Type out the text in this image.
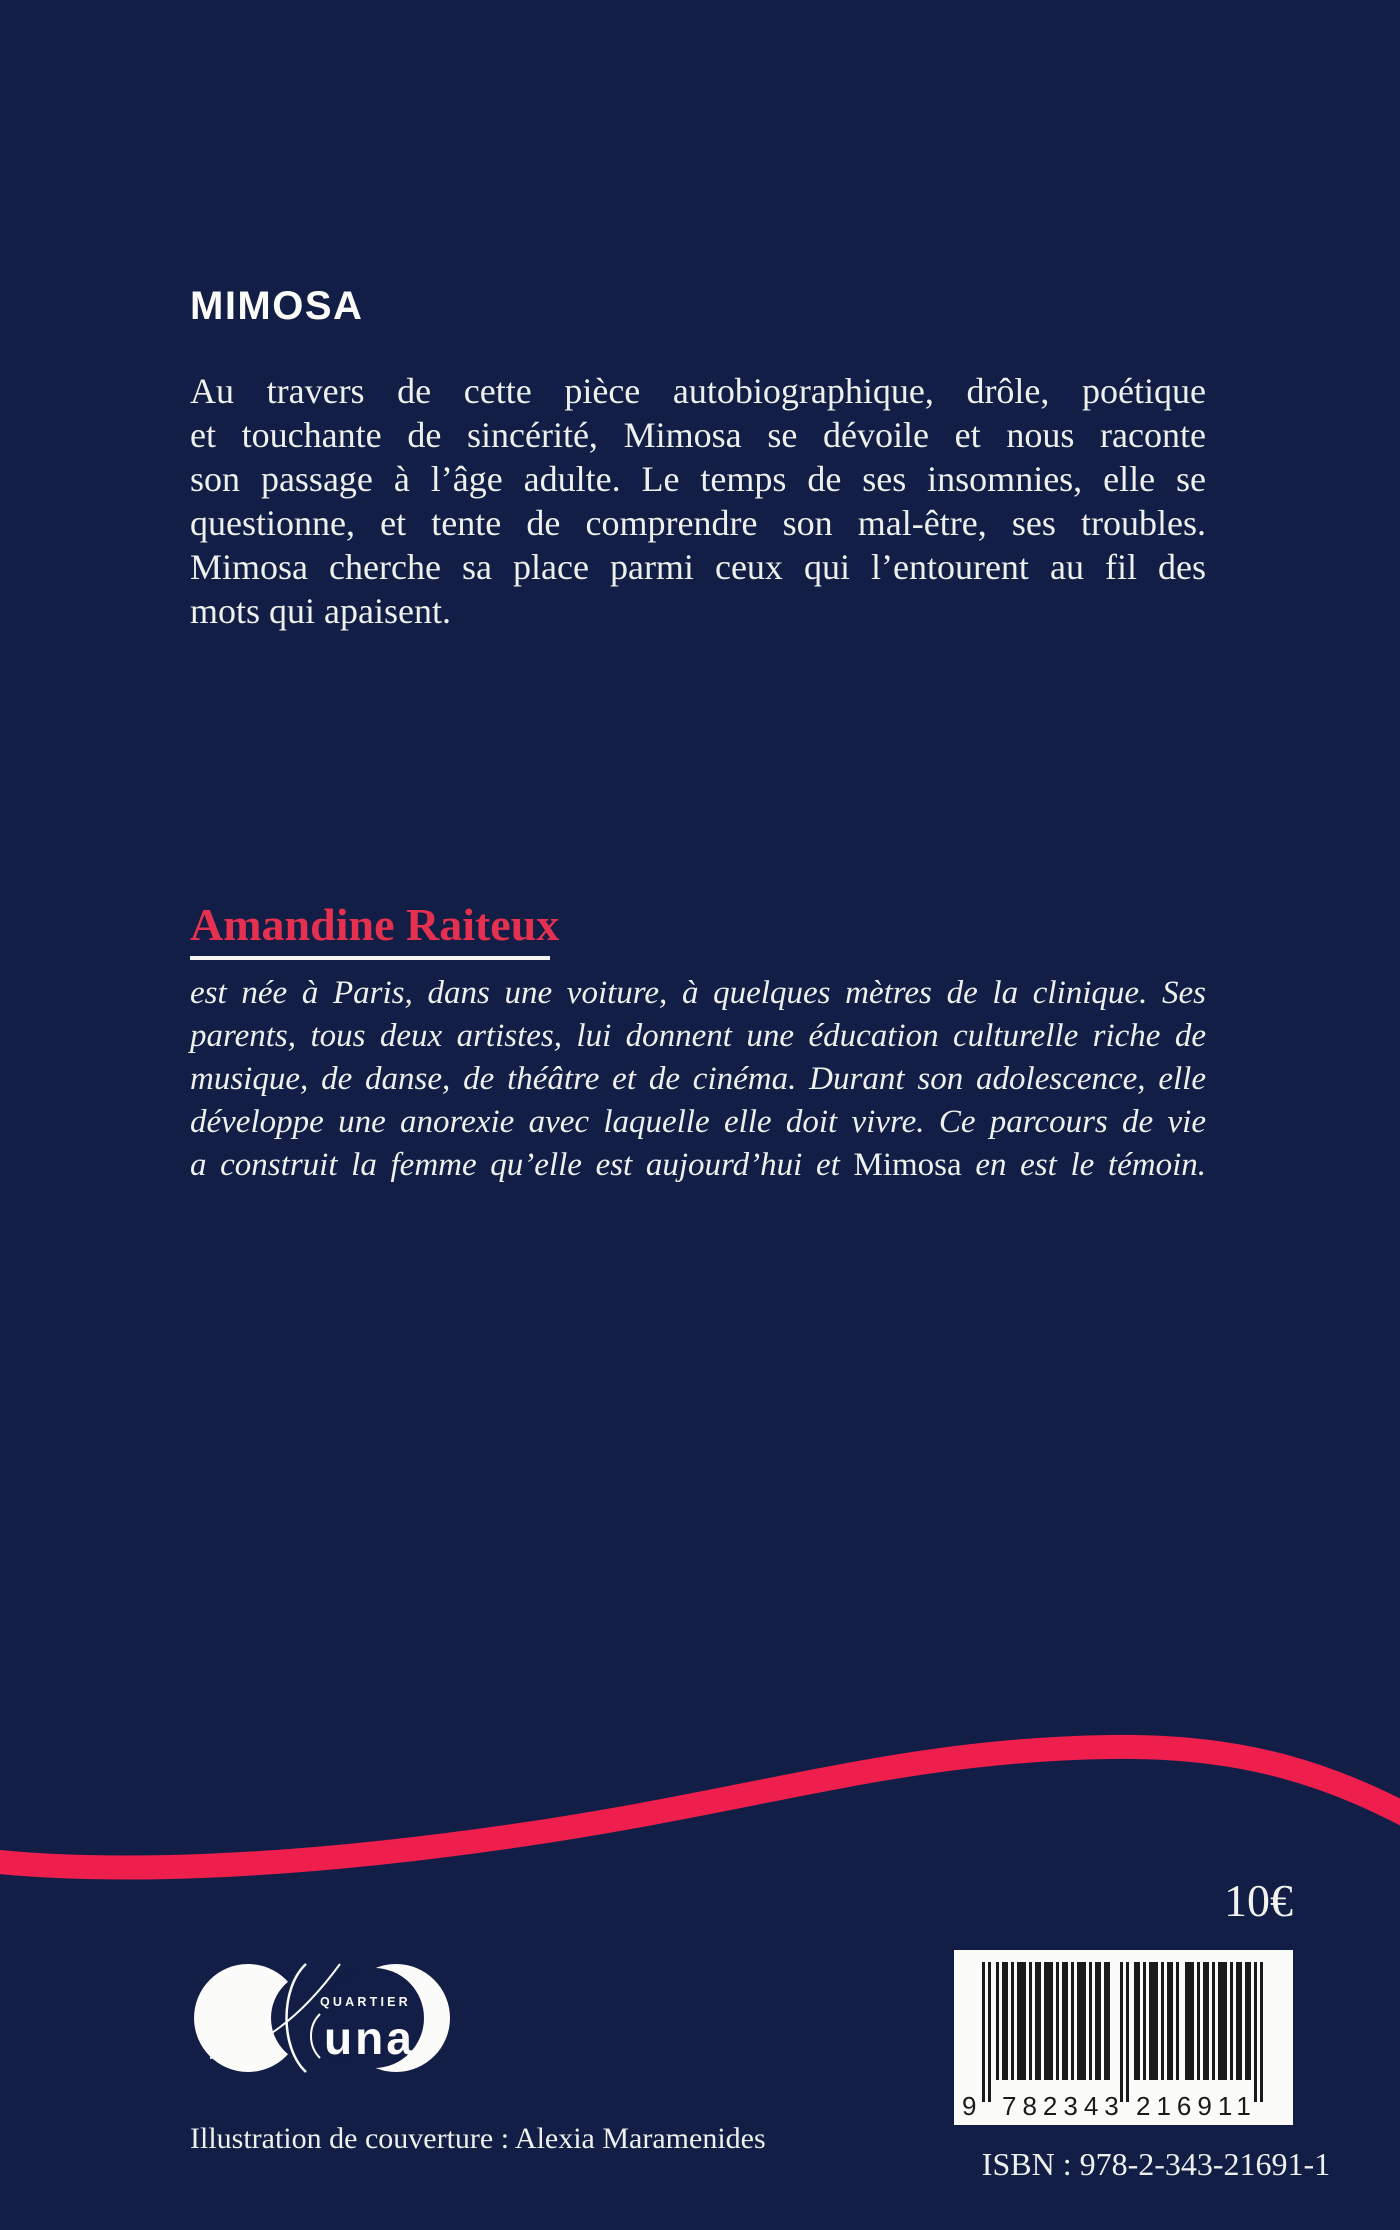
MIMOSA
Au travers de cette pièce autobiographique, drôle, poétique
et touchante de sincérité, Mimosa se dévoile et nous raconte
son passage à l’âge adulte. Le temps de ses insomnies, elle se
questionne, et tente de comprendre son mal-être, ses troubles.
Mimosa cherche sa place parmi ceux qui l’entourent au fil des
mots qui apaisent.
Amandine Raiteux
est née à Paris, dans une voiture, à quelques mètres de la clinique. Ses
parents, tous deux artistes, lui donnent une éducation culturelle riche de
musique, de danse, de théâtre et de cinéma. Durant son adolescence, elle
développe une anorexie avec laquelle elle doit vivre. Ce parcours de vie
a construit la femme qu’elle est aujourd’hui et Mimosa en est le témoin.
10€
9 782343 216911
ISBN : 978-2-343-21691-1
QUARTIER
una
Illustration de couverture : Alexia Maramenides
